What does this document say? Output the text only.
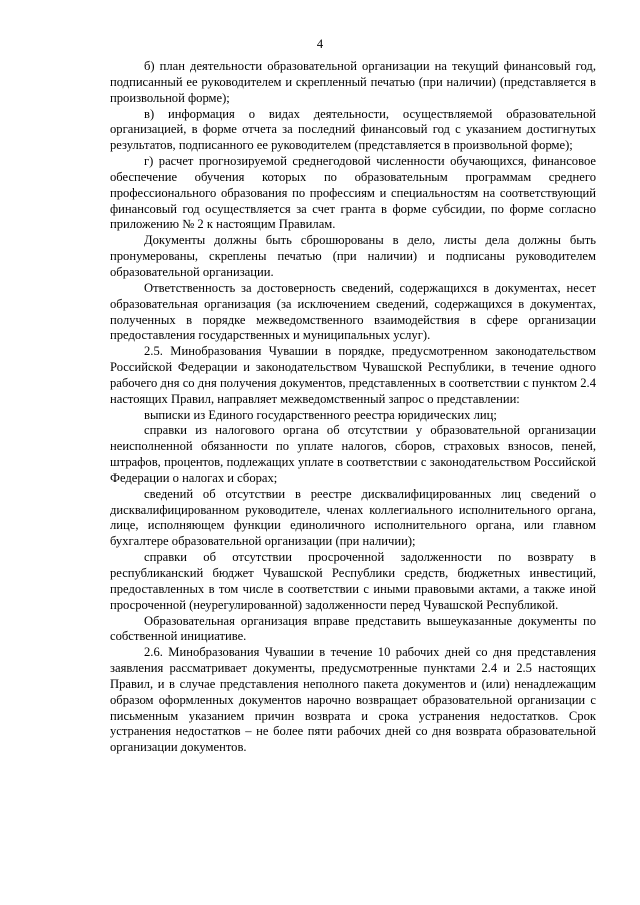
4

б) план деятельности образовательной организации на текущий финансовый год, подписанный ее руководителем и скрепленный печатью (при наличии) (представляется в произвольной форме);

в) информация о видах деятельности, осуществляемой образовательной организацией, в форме отчета за последний финансовый год с указанием достигнутых результатов, подписанного ее руководителем (представляется в произвольной форме);

г) расчет прогнозируемой среднегодовой численности обучающихся, финансовое обеспечение обучения которых по образовательным программам среднего профессионального образования по профессиям и специальностям на соответствующий финансовый год осуществляется за счет гранта в форме субсидии, по форме согласно приложению № 2 к настоящим Правилам.

Документы должны быть сброшюрованы в дело, листы дела должны быть пронумерованы, скреплены печатью (при наличии) и подписаны руководителем образовательной организации.

Ответственность за достоверность сведений, содержащихся в документах, несет образовательная организация (за исключением сведений, содержащихся в документах, полученных в порядке межведомственного взаимодействия в сфере организации предоставления государственных и муниципальных услуг).

2.5. Минобразования Чувашии в порядке, предусмотренном законодательством Российской Федерации и законодательством Чувашской Республики, в течение одного рабочего дня со дня получения документов, представленных в соответствии с пунктом 2.4 настоящих Правил, направляет межведомственный запрос о представлении:

выписки из Единого государственного реестра юридических лиц;

справки из налогового органа об отсутствии у образовательной организации неисполненной обязанности по уплате налогов, сборов, страховых взносов, пеней, штрафов, процентов, подлежащих уплате в соответствии с законодательством Российской Федерации о налогах и сборах;

сведений об отсутствии в реестре дисквалифицированных лиц сведений о дисквалифицированном руководителе, членах коллегиального исполнительного органа, лице, исполняющем функции единоличного исполнительного органа, или главном бухгалтере образовательной организации (при наличии);

справки об отсутствии просроченной задолженности по возврату в республиканский бюджет Чувашской Республики средств, бюджетных инвестиций, предоставленных в том числе в соответствии с иными правовыми актами, а также иной просроченной (неурегулированной) задолженности перед Чувашской Республикой.

Образовательная организация вправе представить вышеуказанные документы по собственной инициативе.

2.6. Минобразования Чувашии в течение 10 рабочих дней со дня представления заявления рассматривает документы, предусмотренные пунктами 2.4 и 2.5 настоящих Правил, и в случае представления неполного пакета документов и (или) ненадлежащим образом оформленных документов нарочно возвращает образовательной организации с письменным указанием причин возврата и срока устранения недостатков. Срок устранения недостатков – не более пяти рабочих дней со дня возврата образовательной организации документов.
